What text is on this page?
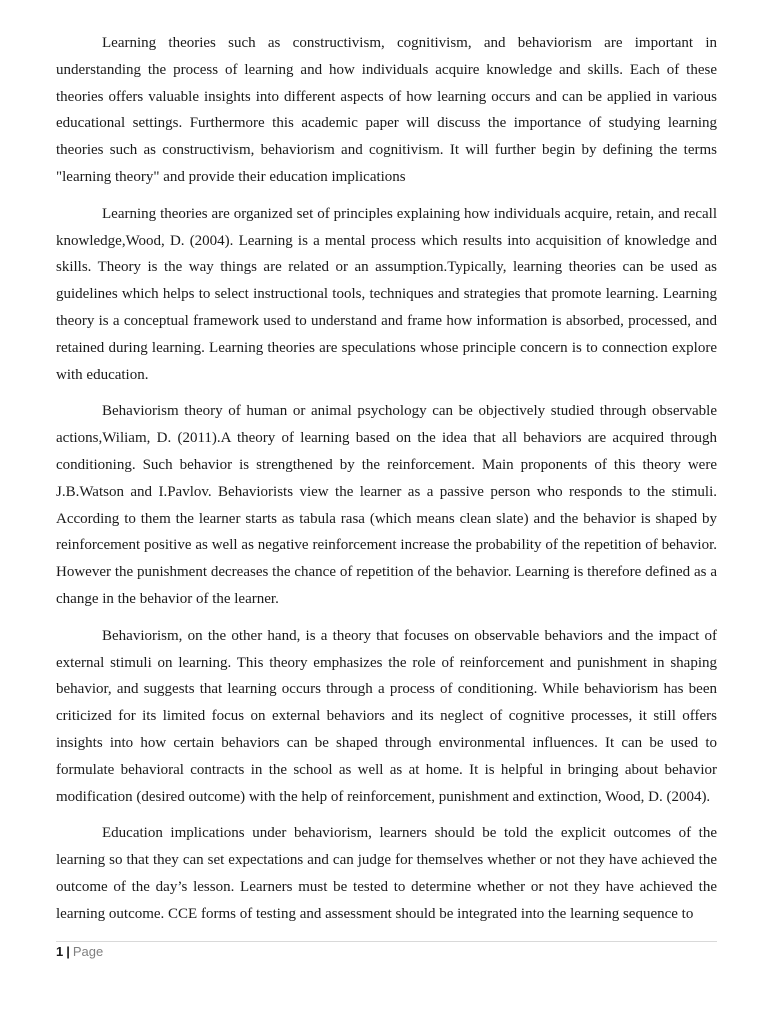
Learning theories such as constructivism, cognitivism, and behaviorism are important in understanding the process of learning and how individuals acquire knowledge and skills. Each of these theories offers valuable insights into different aspects of how learning occurs and can be applied in various educational settings. Furthermore this academic paper will discuss the importance of studying learning theories such as constructivism, behaviorism and cognitivism. It will further begin by defining the terms "learning theory" and provide their education implications

Learning theories are organized set of principles explaining how individuals acquire, retain, and recall knowledge,Wood, D. (2004). Learning is a mental process which results into acquisition of knowledge and skills. Theory is the way things are related or an assumption.Typically, learning theories can be used as guidelines which helps to select instructional tools, techniques and strategies that promote learning. Learning theory is a conceptual framework used to understand and frame how information is absorbed, processed, and retained during learning. Learning theories are speculations whose principle concern is to connection explore with education.

Behaviorism theory of human or animal psychology can be objectively studied through observable actions,Wiliam, D. (2011).A theory of learning based on the idea that all behaviors are acquired through conditioning. Such behavior is strengthened by the reinforcement. Main proponents of this theory were J.B.Watson and I.Pavlov. Behaviorists view the learner as a passive person who responds to the stimuli. According to them the learner starts as tabula rasa (which means clean slate) and the behavior is shaped by reinforcement positive as well as negative reinforcement increase the probability of the repetition of behavior. However the punishment decreases the chance of repetition of the behavior. Learning is therefore defined as a change in the behavior of the learner.

Behaviorism, on the other hand, is a theory that focuses on observable behaviors and the impact of external stimuli on learning. This theory emphasizes the role of reinforcement and punishment in shaping behavior, and suggests that learning occurs through a process of conditioning. While behaviorism has been criticized for its limited focus on external behaviors and its neglect of cognitive processes, it still offers insights into how certain behaviors can be shaped through environmental influences. It can be used to formulate behavioral contracts in the school as well as at home. It is helpful in bringing about behavior modification (desired outcome) with the help of reinforcement, punishment and extinction, Wood, D. (2004).

Education implications under behaviorism, learners should be told the explicit outcomes of the learning so that they can set expectations and can judge for themselves whether or not they have achieved the outcome of the day’s lesson. Learners must be tested to determine whether or not they have achieved the learning outcome. CCE forms of testing and assessment should be integrated into the learning sequence to

1 | Page
